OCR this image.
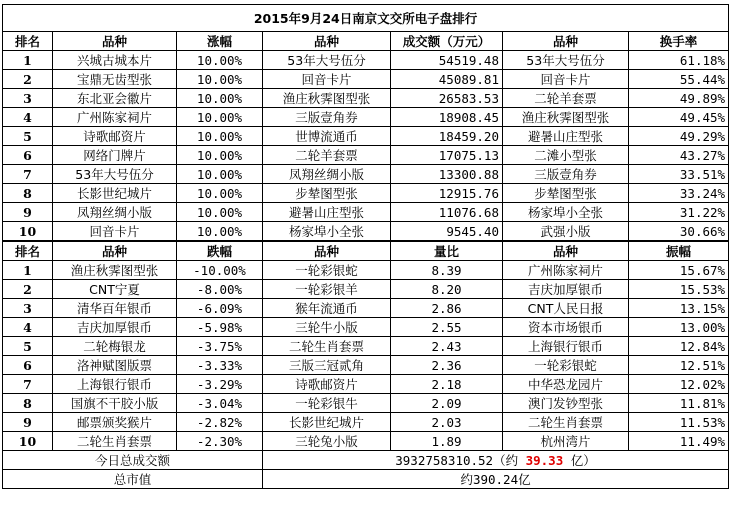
2015年9月24日南京文交所电子盘排行						
排名	品种	涨幅	品种	成交额（万元）	品种	换手率
1	兴城古城本片	10.00%	53年大号伍分	54519.48	53年大号伍分	61.18%
2	宝鼎无齿型张	10.00%	回音卡片	45089.81	回音卡片	55.44%
3	东北亚会徽片	10.00%	渔庄秋霁图型张	26583.53	二轮羊套票	49.89%
4	广州陈家祠片	10.00%	三版壹角券	18908.45	渔庄秋霁图型张	49.45%
5	诗歌邮资片	10.00%	世博流通币	18459.20	避暑山庄型张	49.29%
6	网络门牌片	10.00%	二轮羊套票	17075.13	二滩小型张	43.27%
7	53年大号伍分	10.00%	凤翔丝绸小版	13300.88	三版壹角券	33.51%
8	长影世纪城片	10.00%	步辇图型张	12915.76	步辇图型张	33.24%
9	凤翔丝绸小版	10.00%	避暑山庄型张	11076.68	杨家埠小全张	31.22%
10	回音卡片	10.00%	杨家埠小全张	9545.40	武强小版	30.66%
排名	品种	跌幅	品种	量比	品种	振幅
1	渔庄秋霁图型张	-10.00%	一轮彩银蛇	8.39	广州陈家祠片	15.67%
2	CNT宁夏	-8.00%	一轮彩银羊	8.20	吉庆加厚银币	15.53%
3	清华百年银币	-6.09%	猴年流通币	2.86	CNT人民日报	13.15%
4	吉庆加厚银币	-5.98%	三轮牛小版	2.55	资本市场银币	13.00%
5	二轮梅银龙	-3.75%	二轮生肖套票	2.43	上海银行银币	12.84%
6	洛神赋图版票	-3.33%	三版三冠贰角	2.36	一轮彩银蛇	12.51%
7	上海银行银币	-3.29%	诗歌邮资片	2.18	中华恐龙园片	12.02%
8	国旗不干胶小版	-3.04%	一轮彩银牛	2.09	澳门发钞型张	11.81%
9	邮票颁奖猴片	-2.82%	长影世纪城片	2.03	二轮生肖套票	11.53%
10	二轮生肖套票	-2.30%	三轮兔小版	1.89	杭州湾片	11.49%
今日总成交额			3932758310.52（约 39.33 亿）			
总市值			约390.24亿			
